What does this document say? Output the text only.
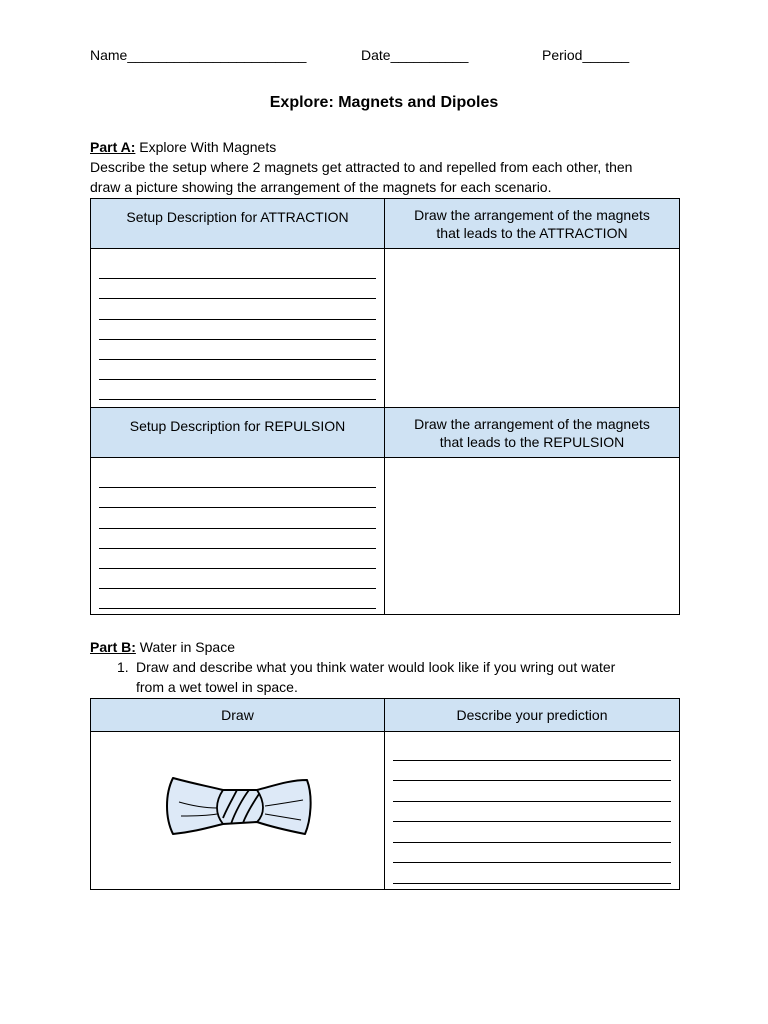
Name_______________________	Date__________	Period______
Explore: Magnets and Dipoles
Part A: Explore With Magnets
Describe the setup where 2 magnets get attracted to and repelled from each other, then
draw a picture showing the arrangement of the magnets for each scenario.
Setup Description for ATTRACTION	Draw the arrangement of the magnets
that leads to the ATTRACTION

Setup Description for REPULSION	Draw the arrangement of the magnets
that leads to the REPULSION

Part B: Water in Space
1. Draw and describe what you think water would look like if you wring out water
from a wet towel in space.
Draw	Describe your prediction
